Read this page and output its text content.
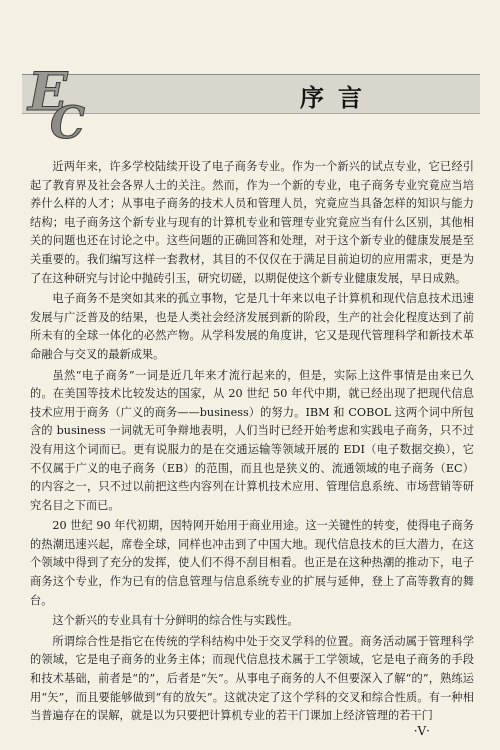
E
C
序言

近两年来，许多学校陆续开设了电子商务专业。作为一个新兴的试点专业，它已经引起了教育界及社会各界人士的关注。然而，作为一个新的专业，电子商务专业究竟应当培养什么样的人才；从事电子商务的技术人员和管理人员，究竟应当具备怎样的知识与能力结构；电子商务这个新专业与现有的计算机专业和管理专业究竟应当有什么区别，其他相关的问题也还在讨论之中。这些问题的正确回答和处理，对于这个新专业的健康发展是至关重要的。我们编写这样一套教材，其目的不仅仅在于满足目前迫切的应用需求，更是为了在这种研究与讨论中抛砖引玉，研究切磋，以期促使这个新专业健康发展，早日成熟。

电子商务不是突如其来的孤立事物，它是几十年来以电子计算机和现代信息技术迅速发展与广泛普及的结果，也是人类社会经济发展到新的阶段，生产的社会化程度达到了前所未有的全球一体化的必然产物。从学科发展的角度讲，它又是现代管理科学和新技术革命融合与交叉的最新成果。

虽然“电子商务”一词是近几年来才流行起来的，但是，实际上这件事情是由来已久的。在美国等技术比较发达的国家，从 20 世纪 50 年代中期，就已经出现了把现代信息技术应用于商务（广义的商务——business）的努力。IBM 和 COBOL 这两个词中所包含的 business 一词就无可争辩地表明，人们当时已经开始考虑和实践电子商务，只不过没有用这个词而已。更有说服力的是在交通运输等领域开展的 EDI（电子数据交换），它不仅属于广义的电子商务（EB）的范围，而且也是狭义的、流通领域的电子商务（EC）的内容之一，只不过以前把这些内容列在计算机技术应用、管理信息系统、市场营销等研究名目之下而已。

20 世纪 90 年代初期，因特网开始用于商业用途。这一关键性的转变，使得电子商务的热潮迅速兴起，席卷全球，同样也冲击到了中国大地。现代信息技术的巨大潜力，在这个领域中得到了充分的发挥，使人们不得不刮目相看。也正是在这种热潮的推动下，电子商务这个专业，作为已有的信息管理与信息系统专业的扩展与延伸，登上了高等教育的舞台。

这个新兴的专业具有十分鲜明的综合性与实践性。

所谓综合性是指它在传统的学科结构中处于交叉学科的位置。商务活动属于管理科学的领域，它是电子商务的业务主体；而现代信息技术属于工学领域，它是电子商务的手段和技术基础，前者是“的”，后者是“矢”。从事电子商务的人不但要深入了解“的”，熟练运用“矢”，而且要能够做到“有的放矢”。这就决定了这个学科的交叉和综合性质。有一种相当普遍存在的误解，就是以为只要把计算机专业的若干门课加上经济管理的若干门

·V·
